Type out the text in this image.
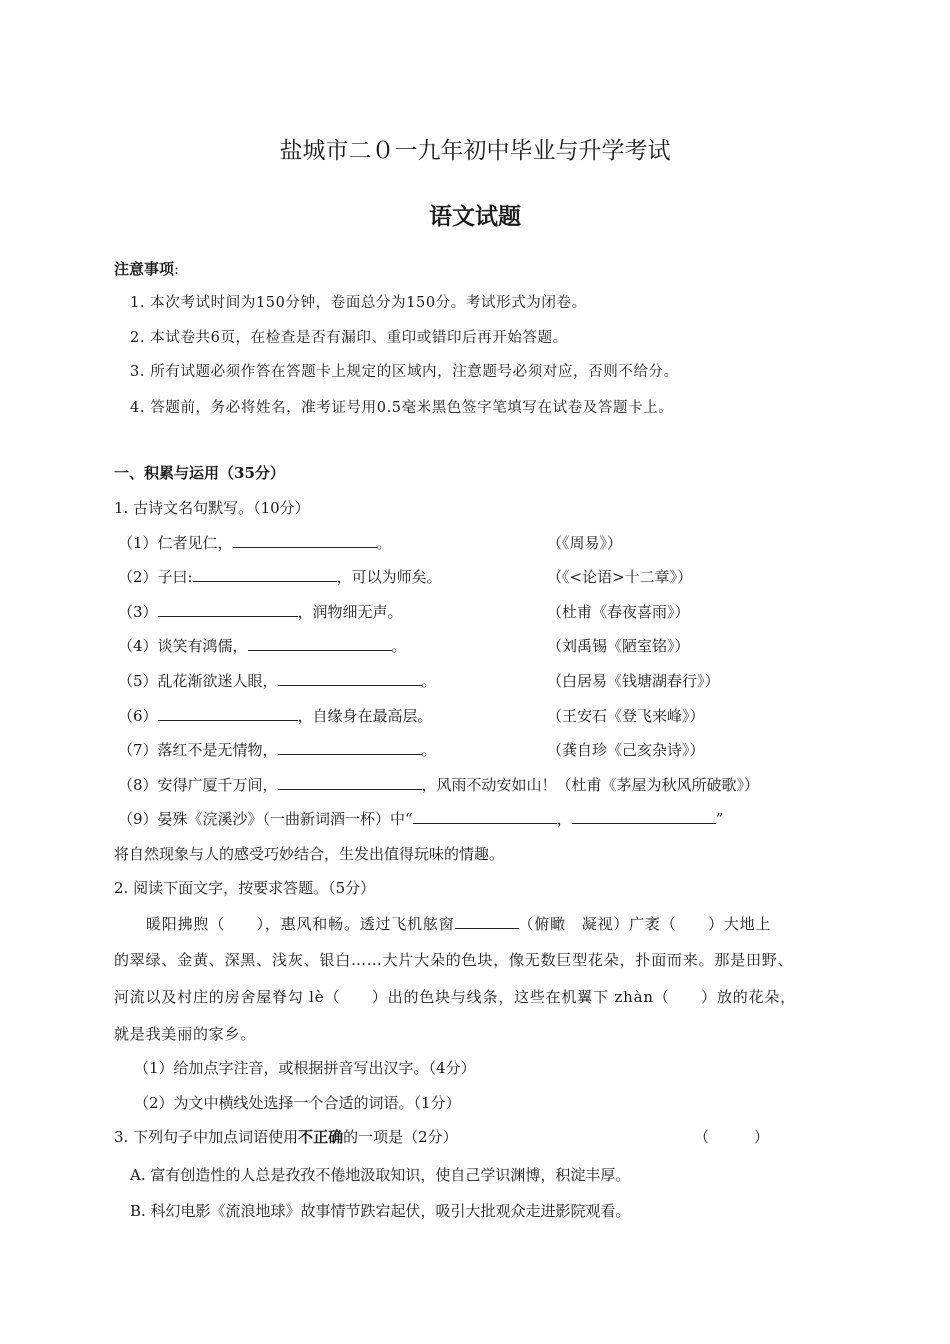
盐城市二０一九年初中毕业与升学考试
语文试题
注意事项:
1. 本次考试时间为150分钟，卷面总分为150分。考试形式为闭卷。
2. 本试卷共6页，在检查是否有漏印、重印或错印后再开始答题。
3. 所有试题必须作答在答题卡上规定的区域内，注意题号必须对应，否则不给分。
4. 答题前，务必将姓名，准考证号用0.5毫米黑色签字笔填写在试卷及答题卡上。
一、积累与运用（35分）
1. 古诗文名句默写。（10分）
（1）仁者见仁，	。	（《周易》）
（2）子曰:	，可以为师矣。	（《<论语>十二章》）
（3）	，润物细无声。	（杜甫《春夜喜雨》）
（4）谈笑有鸿儒，	。	（刘禹锡《陋室铭》）
（5）乱花渐欲迷人眼，	。	（白居易《钱塘湖春行》）
（6）	，自缘身在最高层。	（王安石《登飞来峰》）
（7）落红不是无情物，	。	（龚自珍《己亥杂诗》）
（8）安得广厦千万间，	，风雨不动安如山！（杜甫《茅屋为秋风所破歌》）
（9）晏殊《浣溪沙》（一曲新词酒一杯）中“	，	”
将自然现象与人的感受巧妙结合，生发出值得玩味的情趣。
2. 阅读下面文字，按要求答题。（5分）
暖阳拂煦（　　），惠风和畅。透过飞机舷窗	（俯瞰　凝视）广袤（　　）大地上
的翠绿、金黄、深黑、浅灰、银白……大片大朵的色块，像无数巨型花朵，扑面而来。那是田野、
河流以及村庄的房舍屋脊勾 lè（　　）出的色块与线条，这些在机翼下 zhàn（　　）放的花朵，
就是我美丽的家乡。
（1）给加点字注音，或根据拼音写出汉字。（4分）
（2）为文中横线处选择一个合适的词语。（1分）
3. 下列句子中加点词语使用不正确的一项是（2分）	（　　　）
A. 富有创造性的人总是孜孜不倦地汲取知识，使自己学识渊博，积淀丰厚。
B. 科幻电影《流浪地球》故事情节跌宕起伏，吸引大批观众走进影院观看。
